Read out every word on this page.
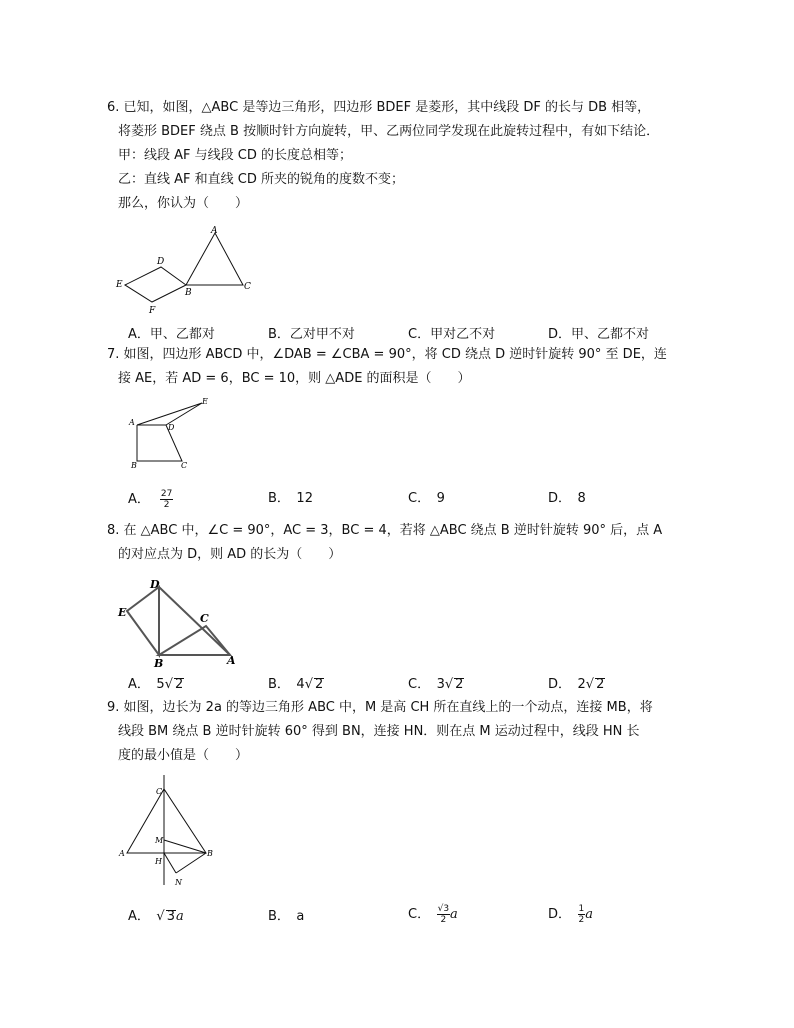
6. 已知，如图，△ABC 是等边三角形，四边形 BDEF 是菱形，其中线段 DF 的长与 DB 相等，
将菱形 BDEF 绕点 B 按顺时针方向旋转，甲、乙两位同学发现在此旋转过程中，有如下结论．
甲：线段 AF 与线段 CD 的长度总相等；
乙：直线 AF 和直线 CD 所夹的锐角的度数不变；
那么，你认为（　　）
A
B
C
D
E
F
A．甲、乙都对	B．乙对甲不对	C．甲对乙不对	D．甲、乙都不对
7. 如图，四边形 ABCD 中，∠DAB = ∠CBA = 90°，将 CD 绕点 D 逆时针旋转 90° 至 DE，连
接 AE，若 AD = 6，BC = 10，则 △ADE 的面积是（　　）
A
B	C
D
E
A． $\frac{27}{2}$	B．　12	C．　9	D．　8
8. 在 △ABC 中，∠C = 90°，AC = 3，BC = 4，若将 △ABC 绕点 B 逆时针旋转 90° 后，点 A
的对应点为 D，则 AD 的长为（　　）
D
E	C
B	A
A．　5√ 2	B．　4√ 2	C．　3√ 2	D．　2√ 2
9. 如图，边长为 2a 的等边三角形 ABC 中，M 是高 CH 所在直线上的一个动点，连接 MB，将
线段 BM 绕点 B 逆时针旋转 60° 得到 BN，连接 HN．则在点 M 运动过程中，线段 HN 长
度的最小值是（　　）
C
A	B
M
H
N
A．　√ 3a	B．　a	C．　 $\frac{√3}{2}$ a	D．　 $\frac{1}{2}$ a
